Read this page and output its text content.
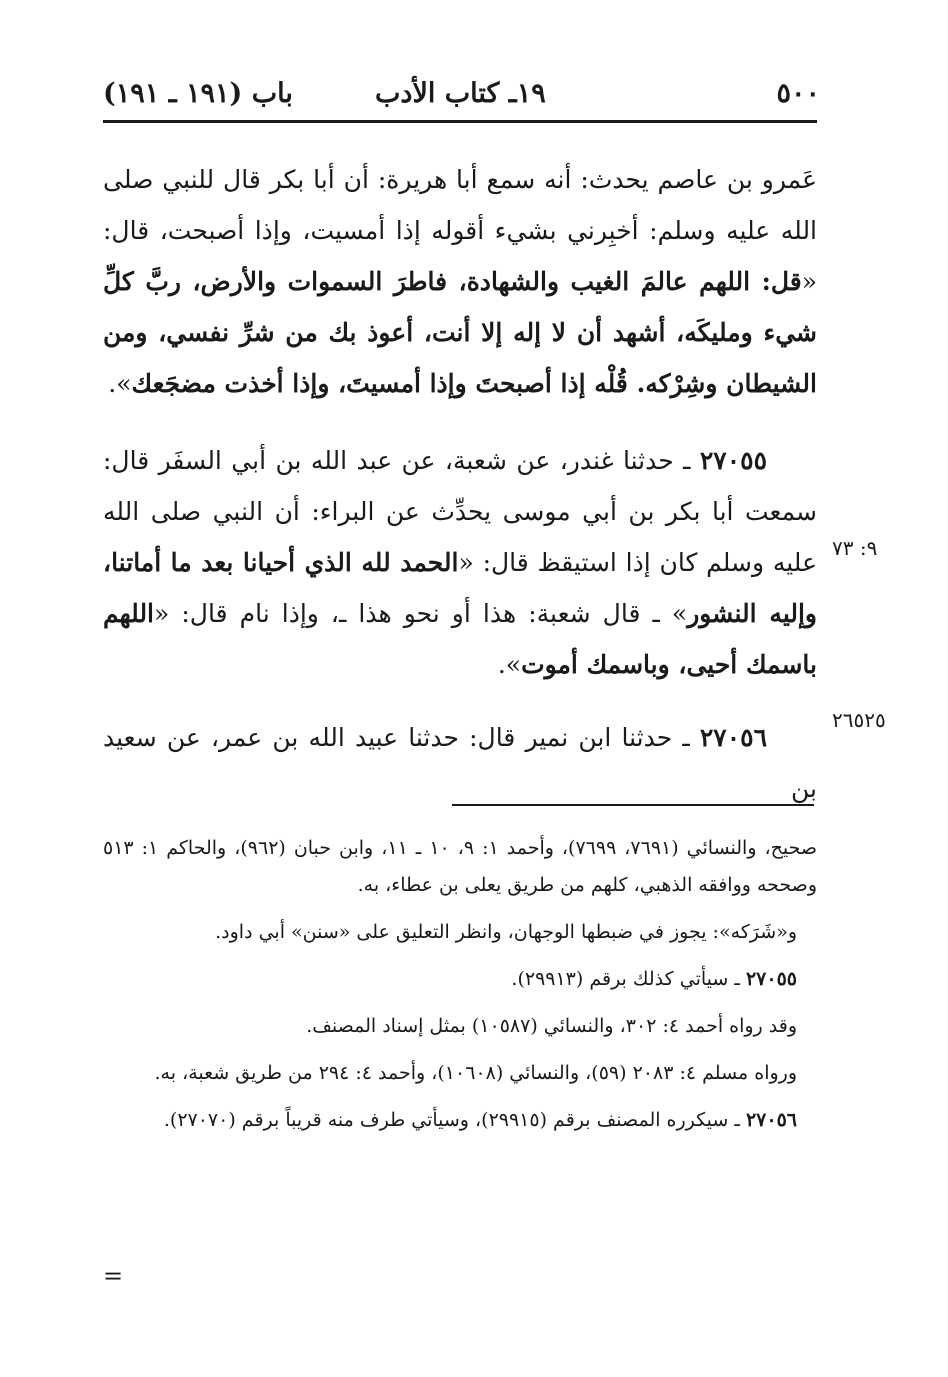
٥٠٠
١٩ـ كتاب الأدب
باب (١٩١ ـ ١٩١)

عَمرو بن عاصم يحدث: أنه سمع أبا هريرة: أن أبا بكر قال للنبي صلى الله عليه وسلم: أخبِرني بشيء أقوله إذا أمسيت، وإذا أصبحت، قال: «قل: اللهم عالمَ الغيب والشهادة، فاطرَ السموات والأرض، ربَّ كلِّ شيء ومليكَه، أشهد أن لا إله إلا أنت، أعوذ بك من شرِّ نفسي، ومن الشيطان وشِرْكه. قُلْه إذا أصبحتَ وإذا أمسيتَ، وإذا أخذت مضجَعك».

٢٧٠٥٥ ـ حدثنا غندر، عن شعبة، عن عبد الله بن أبي السفَر قال: سمعت أبا بكر بن أبي موسى يحدِّث عن البراء: أن النبي صلى الله عليه وسلم كان إذا استيقظ قال: «الحمد لله الذي أحيانا بعد ما أماتنا، وإليه النشور» ـ قال شعبة: هذا أو نحو هذا ـ، وإذا نام قال: «اللهم باسمك أحيى، وباسمك أموت».

٢٧٠٥٦ ـ حدثنا ابن نمير قال: حدثنا عبيد الله بن عمر، عن سعيد بن

٩: ٧٣
٢٦٥٢٥

صحيح، والنسائي (٧٦٩١، ٧٦٩٩)، وأحمد ١: ٩، ١٠ ـ ١١، وابن حبان (٩٦٢)، والحاكم ١: ٥١٣ وصححه ووافقه الذهبي، كلهم من طريق يعلى بن عطاء، به.

و«شَرَكه»: يجوز في ضبطها الوجهان، وانظر التعليق على «سنن» أبي داود.

٢٧٠٥٥ ـ سيأتي كذلك برقم (٢٩٩١٣).

وقد رواه أحمد ٤: ٣٠٢، والنسائي (١٠٥٨٧) بمثل إسناد المصنف.

ورواه مسلم ٤: ٢٠٨٣ (٥٩)، والنسائي (١٠٦٠٨)، وأحمد ٤: ٢٩٤ من طريق شعبة، به.

٢٧٠٥٦ ـ سيكرره المصنف برقم (٢٩٩١٥)، وسيأتي طرف منه قريباً برقم (٢٧٠٧٠).

=
